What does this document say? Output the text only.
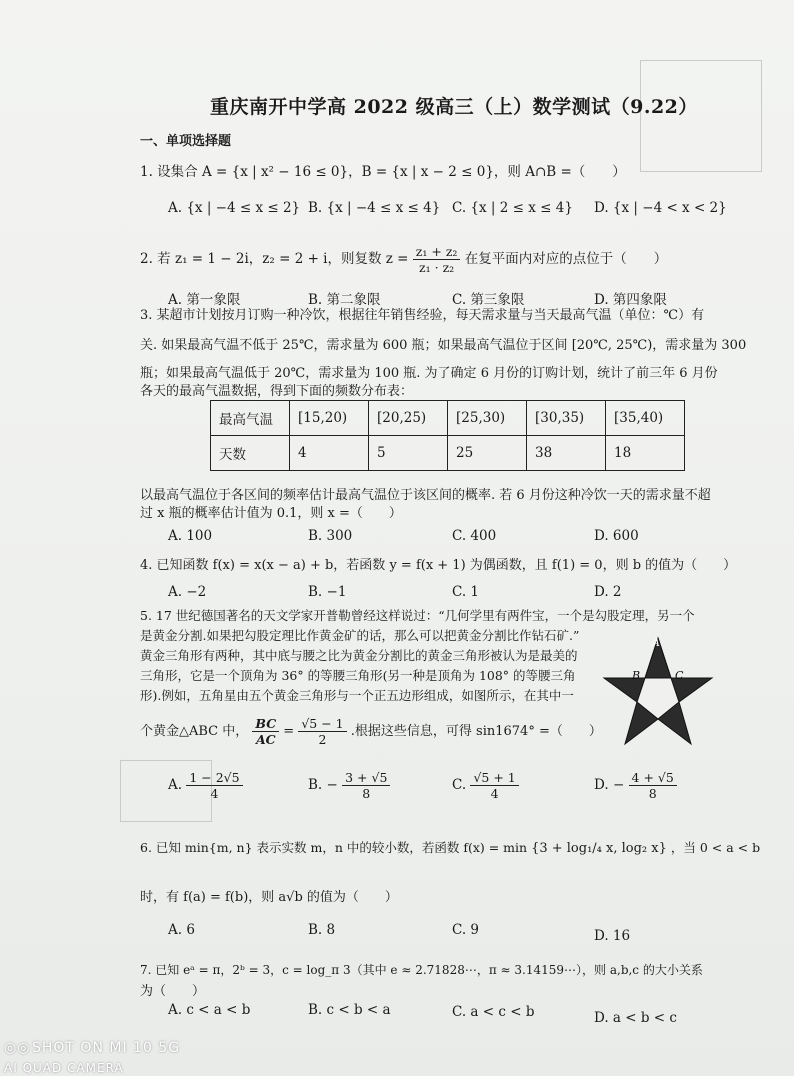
重庆南开中学高 2022 级高三（上）数学测试（9.22）
一、单项选择题
1. 设集合 A = {x | x² − 16 ≤ 0}，B = {x | x − 2 ≤ 0}，则 A∩B =（　　）
A. {x | −4 ≤ x ≤ 2} B. {x | −4 ≤ x ≤ 4} C. {x | 2 ≤ x ≤ 4} D. {x | −4 < x < 2}
2. 若 z₁ = 1 − 2i，z₂ = 2 + i，则复数 $z = \frac{\text{z₁ + z₂}}{\text{z₁ · z₂}}$ 在复平面内对应的点位于（　　）
A. 第一象限	B. 第二象限	C. 第三象限	D. 第四象限
3. 某超市计划按月订购一种冷饮，根据往年销售经验，每天需求量与当天最高气温（单位：℃）有
关. 如果最高气温不低于 25℃，需求量为 600 瓶；如果最高气温位于区间 [20℃, 25℃)，需求量为 300
瓶；如果最高气温低于 20℃，需求量为 100 瓶. 为了确定 6 月份的订购计划，统计了前三年 6 月份
各天的最高气温数据，得到下面的频数分布表：
最高气温	[15,20)	[20,25)	[25,30)	[30,35)	[35,40)
天数	4	5	25	38	18
以最高气温位于各区间的频率估计最高气温位于该区间的概率. 若 6 月份这种冷饮一天的需求量不超
过 x 瓶的概率估计值为 0.1，则 x =（　　）
A. 100	B. 300	C. 400	D. 600
4. 已知函数 f(x) = x(x − a) + b，若函数 y = f(x + 1) 为偶函数，且 f(1) = 0，则 b 的值为（　　）
A. −2	B. −1	C. 1	D. 2
5. 17 世纪德国著名的天文学家开普勒曾经这样说过：“几何学里有两件宝，一个是勾股定理，另一个
是黄金分割.如果把勾股定理比作黄金矿的话，那么可以把黄金分割比作钻石矿.”
黄金三角形有两种，其中底与腰之比为黄金分割比的黄金三角形被认为是最美的
三角形，它是一个顶角为 36° 的等腰三角形(另一种是顶角为 108° 的等腰三角
形).例如，五角星由五个黄金三角形与一个正五边形组成，如图所示，在其中一
个黄金△ABC 中， $\frac{BC}{AC} = \frac{√5 - 1}{2}$ .根据这些信息，可得 sin1674° =（　　）
A
B	C
A. $\frac{1 - 2√5}{4}$	B. − $\frac{3 + √5}{8}$	C. $\frac{√5 + 1}{4}$	D. − $\frac{4 + √5}{8}$
6. 已知 min{m, n} 表示实数 m，n 中的较小数，若函数 f(x) = min {3 + log₁/₄ x, log₂ x} ，当 0 < a < b
时，有 f(a) = f(b)，则 a√b 的值为（　　）
A. 6	B. 8	C. 9	D. 16
7. 已知 eᵃ = π，2ᵇ = 3，c = log_π 3（其中 e ≈ 2.71828⋯，π ≈ 3.14159⋯），则 a,b,c 的大小关系
为（　　）
A. c < a < b	B. c < b < a	C. a < c < b	D. a < b < c
◎◎ SHOT ON MI 10 5G
AI QUAD CAMERA
